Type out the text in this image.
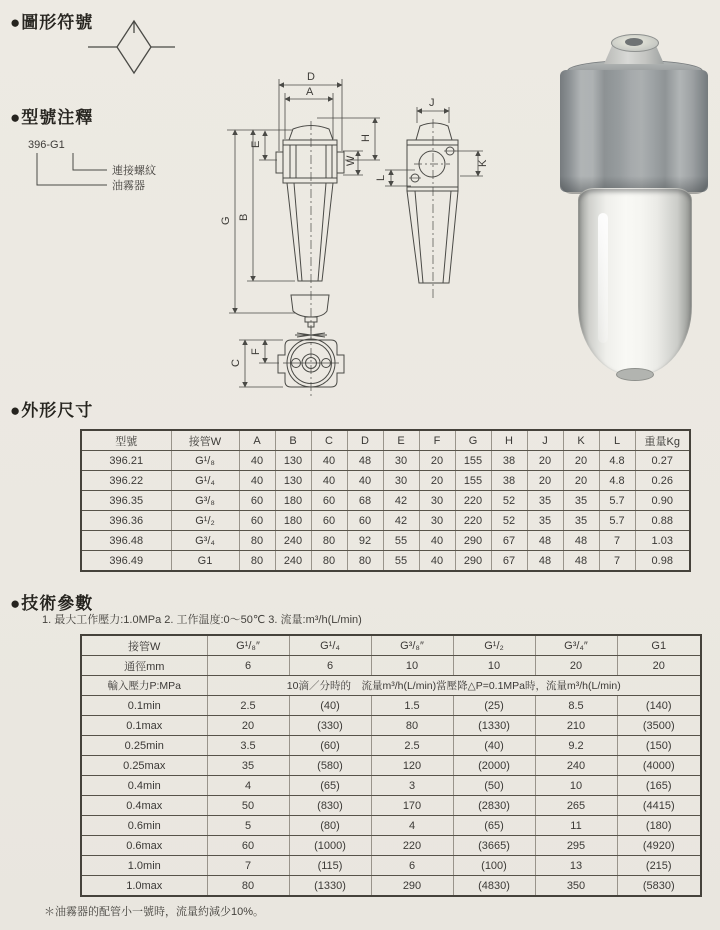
●圖形符號
●型號注釋
●外形尺寸
●技術參數
396-G1
連接螺紋
油霧器
D
A
E
W
H
G B
J
L
K
C
F
型號	接管W	A	B	C	D	E	F	G	H	J	K	L	重量Kg
396.21	G¹/₈	40	130	40	48	30	20	155	38	20	20	4.8	0.27
396.22	G¹/₄	40	130	40	40	30	20	155	38	20	20	4.8	0.26
396.35	G³/₈	60	180	60	68	42	30	220	52	35	35	5.7	0.90
396.36	G¹/₂	60	180	60	60	42	30	220	52	35	35	5.7	0.88
396.48	G³/₄	80	240	80	92	55	40	290	67	48	48	7	1.03
396.49	G1	80	240	80	80	55	40	290	67	48	48	7	0.98
1. 最大工作壓力:1.0MPa 2. 工作温度:0～50℃ 3. 流量:m³/h(L/min)
接管W	G¹/₈″	G¹/₄	G³/₈″	G¹/₂	G³/₄″	G1
通徑mm	6	6	10	10	20	20
輸入壓力P:MPa	10滴／分時的　流量m³/h(L/min)當壓降△P=0.1MPa時，流量m³/h(L/min)					
0.1min	2.5	(40)	1.5	(25)	8.5	(140)
0.1max	20	(330)	80	(1330)	210	(3500)
0.25min	3.5	(60)	2.5	(40)	9.2	(150)
0.25max	35	(580)	120	(2000)	240	(4000)
0.4min	4	(65)	3	(50)	10	(165)
0.4max	50	(830)	170	(2830)	265	(4415)
0.6min	5	(80)	4	(65)	11	(180)
0.6max	60	(1000)	220	(3665)	295	(4920)
1.0min	7	(115)	6	(100)	13	(215)
1.0max	80	(1330)	290	(4830)	350	(5830)
＊油霧器的配管小一號時，流量約減少10%。
